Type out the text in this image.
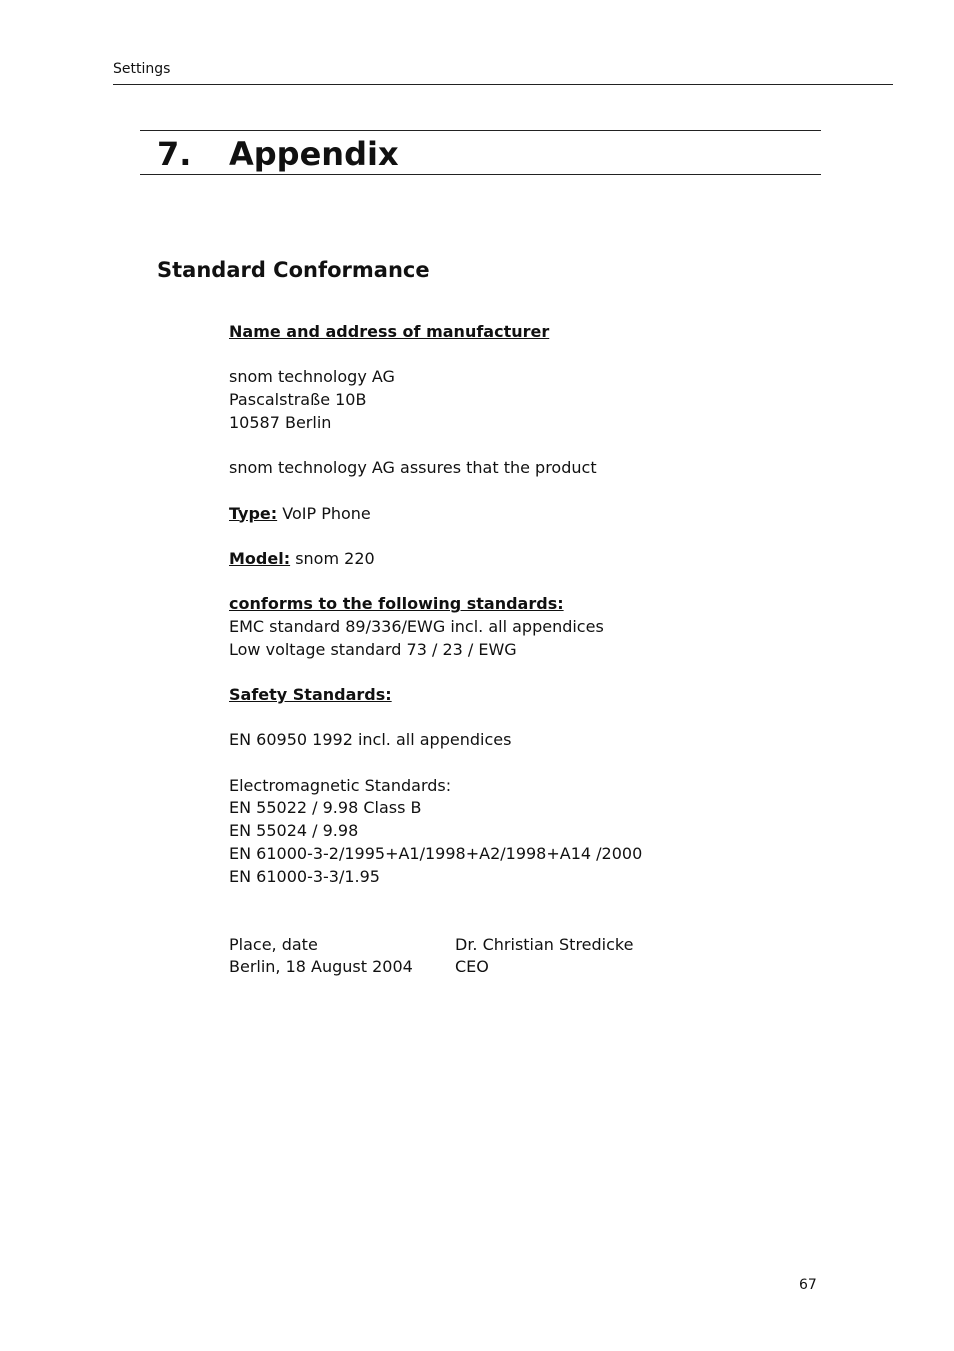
Settings
7. Appendix
Standard Conformance
Name and address of manufacturer
snom technology AG
Pascalstraße 10B
10587 Berlin
snom technology AG assures that the product
Type: VoIP Phone
Model: snom 220
conforms to the following standards:
EMC standard 89/336/EWG incl. all appendices
Low voltage standard 73 / 23 / EWG
Safety Standards:
EN 60950 1992 incl. all appendices
Electromagnetic Standards:
EN 55022 / 9.98 Class B
EN 55024 / 9.98
EN 61000-3-2/1995+A1/1998+A2/1998+A14 /2000
EN 61000-3-3/1.95
Place, date	Dr. Christian Stredicke
Berlin, 18 August 2004	CEO
67
